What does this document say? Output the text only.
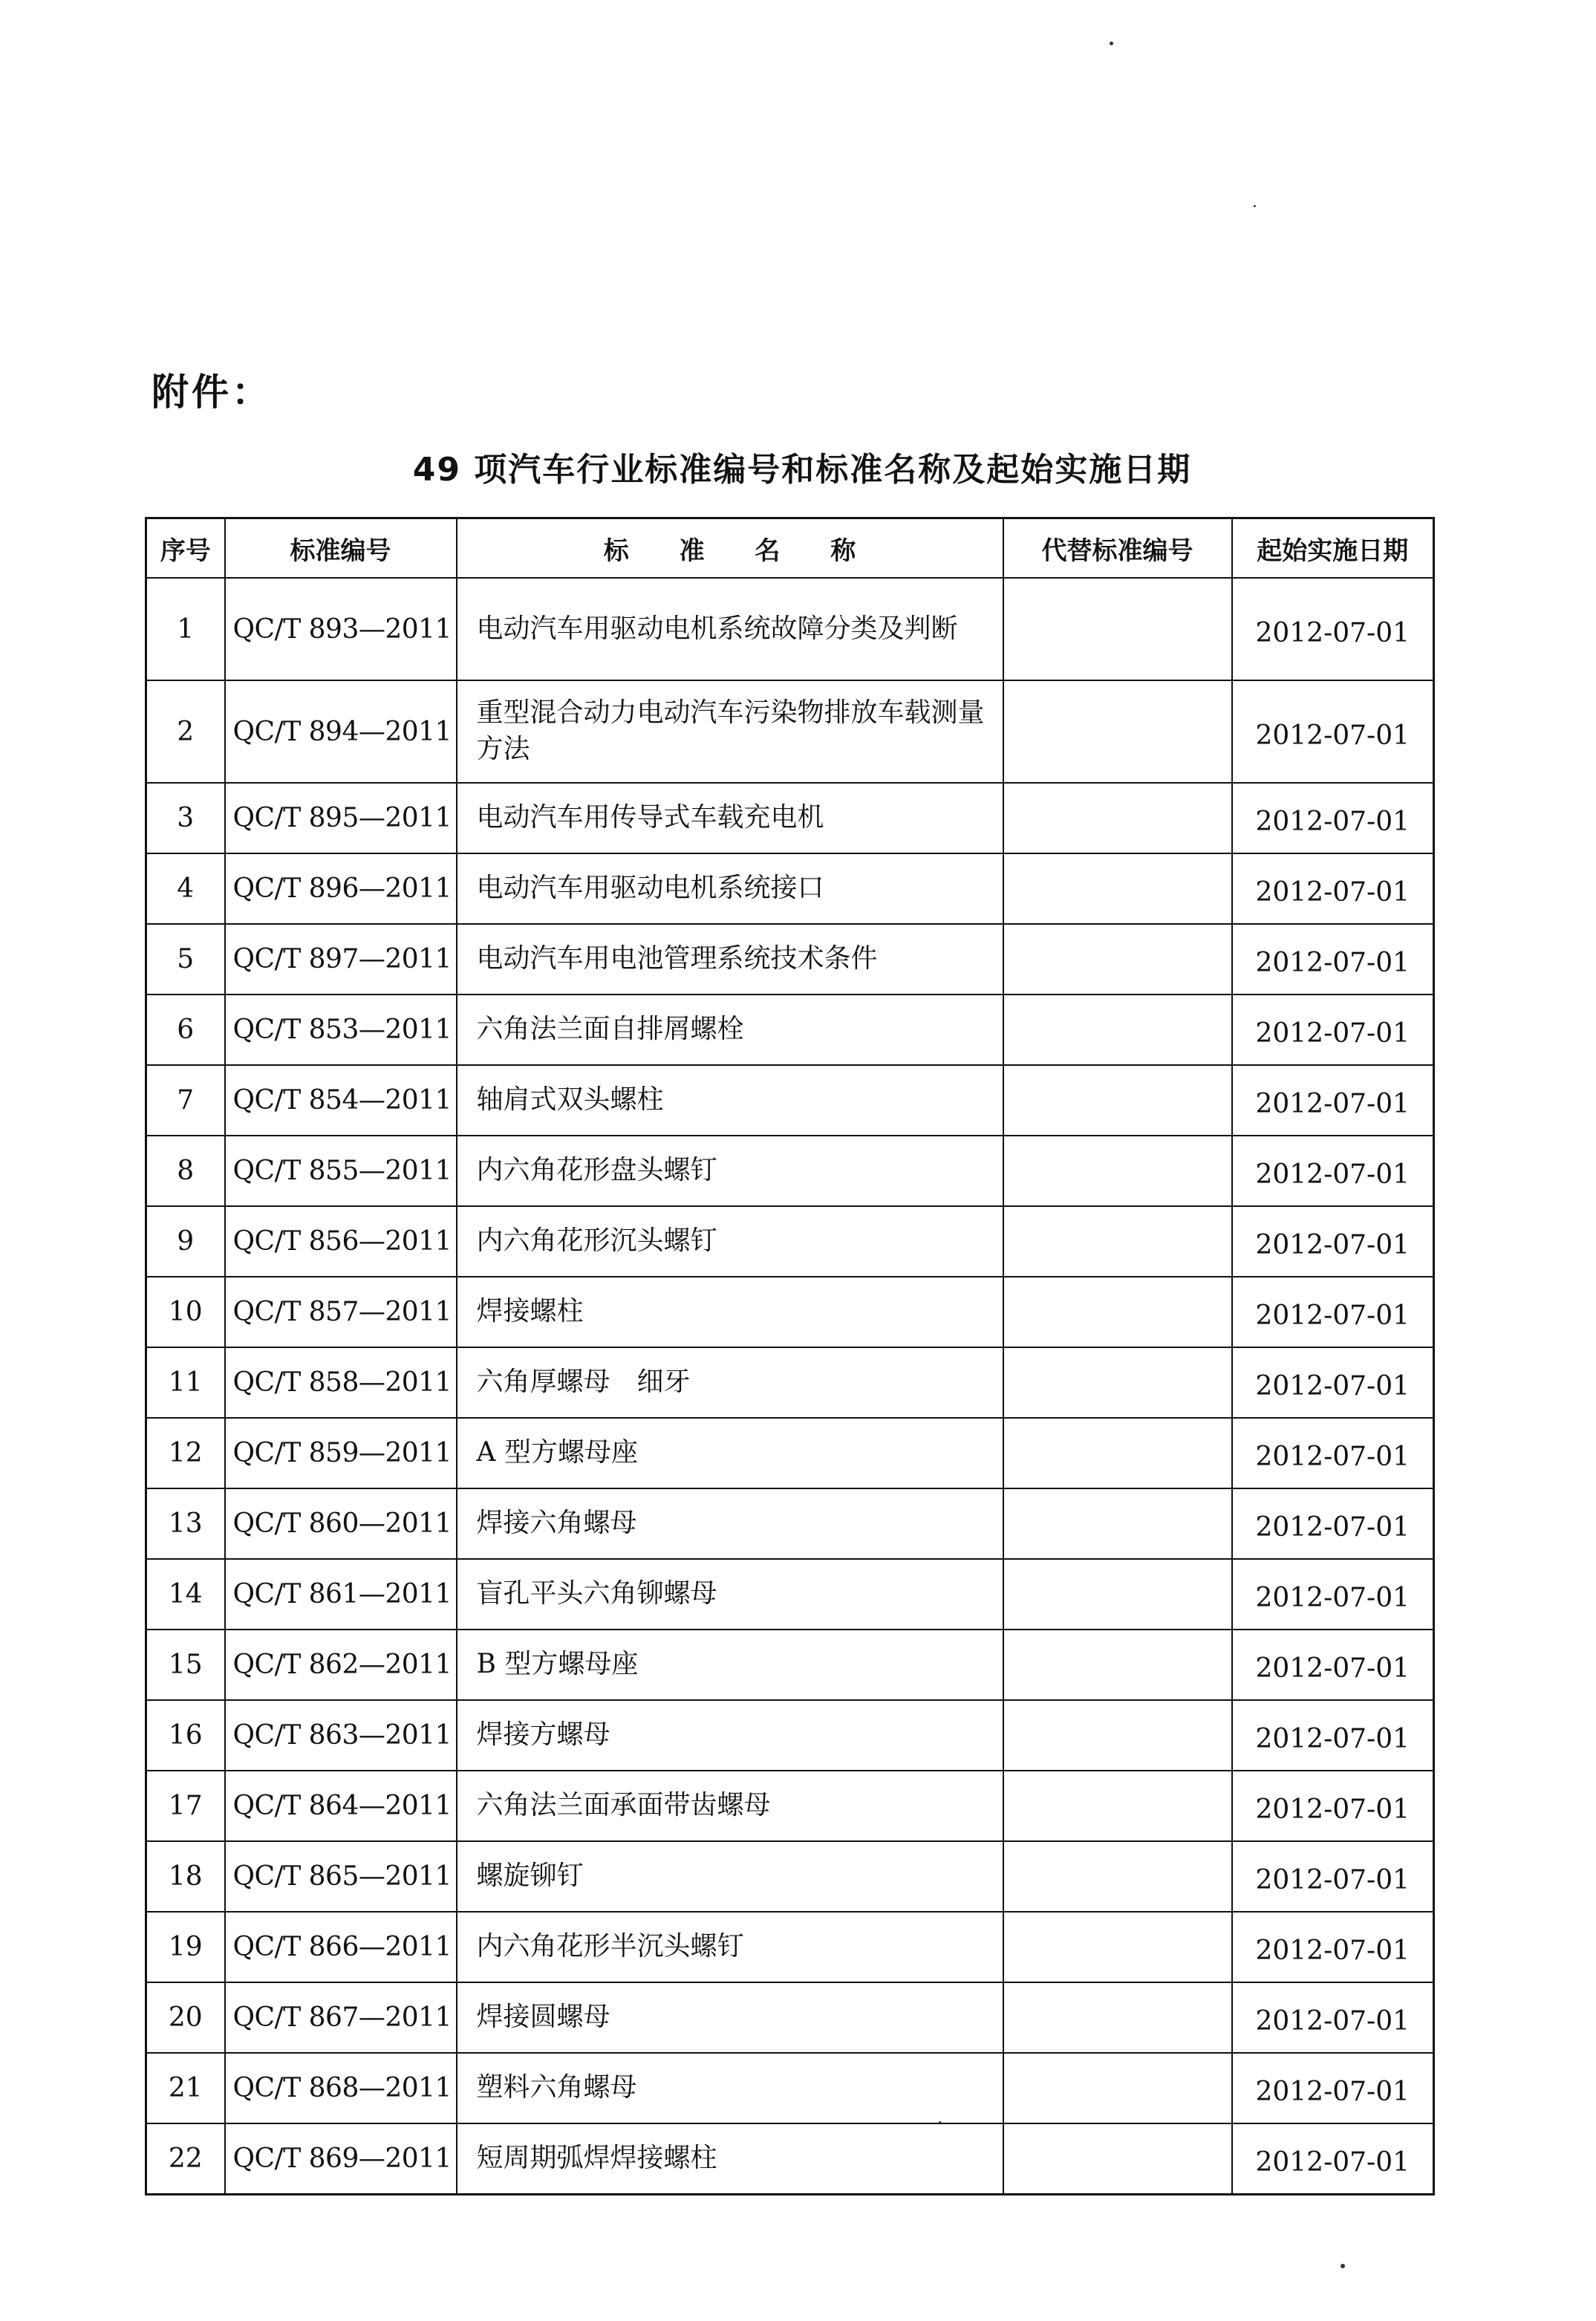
附件：
49 项汽车行业标准编号和标准名称及起始实施日期
序号	标准编号	标 准 名 称	代替标准编号	起始实施日期
1	QC/T 893—2011	电动汽车用驱动电机系统故障分类及判断		2012-07-01
2	QC/T 894—2011	重型混合动力电动汽车污染物排放车载测量方法		2012-07-01
3	QC/T 895—2011	电动汽车用传导式车载充电机		2012-07-01
4	QC/T 896—2011	电动汽车用驱动电机系统接口		2012-07-01
5	QC/T 897—2011	电动汽车用电池管理系统技术条件		2012-07-01
6	QC/T 853—2011	六角法兰面自排屑螺栓		2012-07-01
7	QC/T 854—2011	轴肩式双头螺柱		2012-07-01
8	QC/T 855—2011	内六角花形盘头螺钉		2012-07-01
9	QC/T 856—2011	内六角花形沉头螺钉		2012-07-01
10	QC/T 857—2011	焊接螺柱		2012-07-01
11	QC/T 858—2011	六角厚螺母　细牙		2012-07-01
12	QC/T 859—2011	A 型方螺母座		2012-07-01
13	QC/T 860—2011	焊接六角螺母		2012-07-01
14	QC/T 861—2011	盲孔平头六角铆螺母		2012-07-01
15	QC/T 862—2011	B 型方螺母座		2012-07-01
16	QC/T 863—2011	焊接方螺母		2012-07-01
17	QC/T 864—2011	六角法兰面承面带齿螺母		2012-07-01
18	QC/T 865—2011	螺旋铆钉		2012-07-01
19	QC/T 866—2011	内六角花形半沉头螺钉		2012-07-01
20	QC/T 867—2011	焊接圆螺母		2012-07-01
21	QC/T 868—2011	塑料六角螺母		2012-07-01
22	QC/T 869—2011	短周期弧焊焊接螺柱		2012-07-01
